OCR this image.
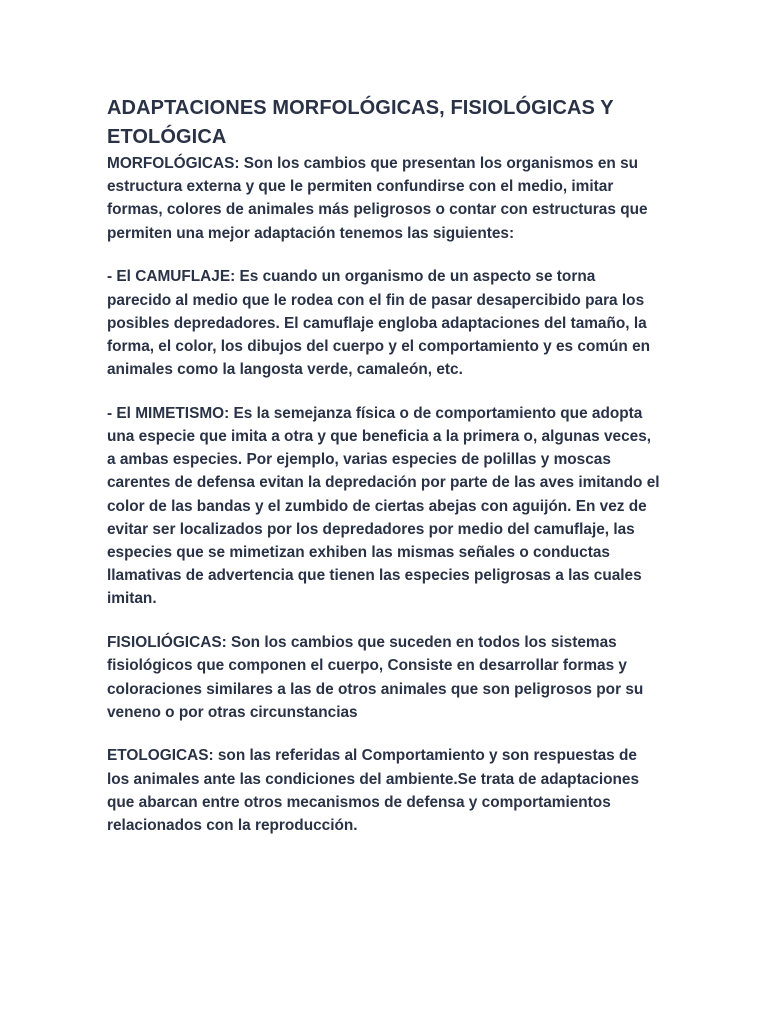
ADAPTACIONES MORFOLÓGICAS, FISIOLÓGICAS Y ETOLÓGICA

MORFOLÓGICAS: Son los cambios que presentan los organismos en su estructura externa y que le permiten confundirse con el medio, imitar formas, colores de animales más peligrosos o contar con estructuras que permiten una mejor adaptación tenemos las siguientes:

- El CAMUFLAJE: Es cuando un organismo de un aspecto se torna parecido al medio que le rodea con el fin de pasar desapercibido para los posibles depredadores. El camuflaje engloba adaptaciones del tamaño, la forma, el color, los dibujos del cuerpo y el comportamiento y es común en animales como la langosta verde, camaleón, etc.

- El MIMETISMO: Es la semejanza física o de comportamiento que adopta una especie que imita a otra y que beneficia a la primera o, algunas veces, a ambas especies. Por ejemplo, varias especies de polillas y moscas carentes de defensa evitan la depredación por parte de las aves imitando el color de las bandas y el zumbido de ciertas abejas con aguijón. En vez de evitar ser localizados por los depredadores por medio del camuflaje, las especies que se mimetizan exhiben las mismas señales o conductas llamativas de advertencia que tienen las especies peligrosas a las cuales imitan.

FISIOLIÓGICAS: Son los cambios que suceden en todos los sistemas fisiológicos que componen el cuerpo, Consiste en desarrollar formas y coloraciones similares a las de otros animales que son peligrosos por su veneno o por otras circunstancias

ETOLOGICAS: son las referidas al Comportamiento y son respuestas de los animales ante las condiciones del ambiente.Se trata de adaptaciones que abarcan entre otros mecanismos de defensa y comportamientos relacionados con la reproducción.
